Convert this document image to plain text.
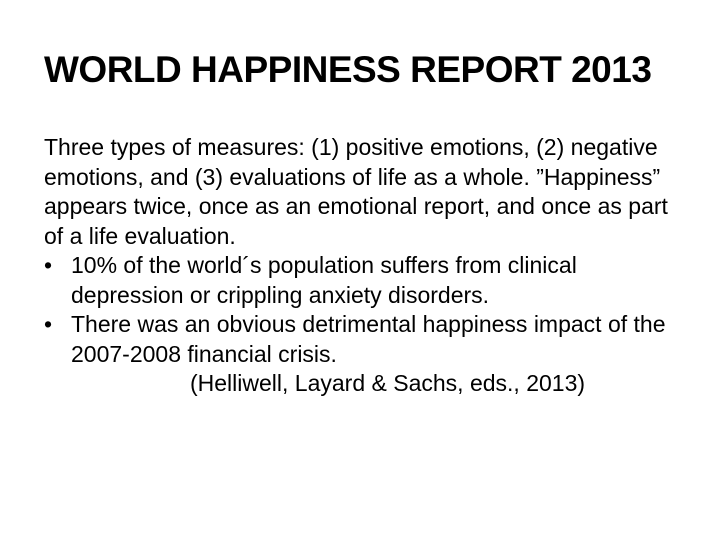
WORLD HAPPINESS REPORT 2013

Three types of measures: (1) positive emotions, (2) negative emotions, and (3) evaluations of life as a whole. ”Happiness” appears twice, once as an emotional report, and once as part of a life evaluation.

• 10% of the world´s population suffers from clinical depression or crippling anxiety disorders.
• There was an obvious detrimental happiness impact of the 2007-2008 financial crisis.

(Helliwell, Layard & Sachs, eds., 2013)
